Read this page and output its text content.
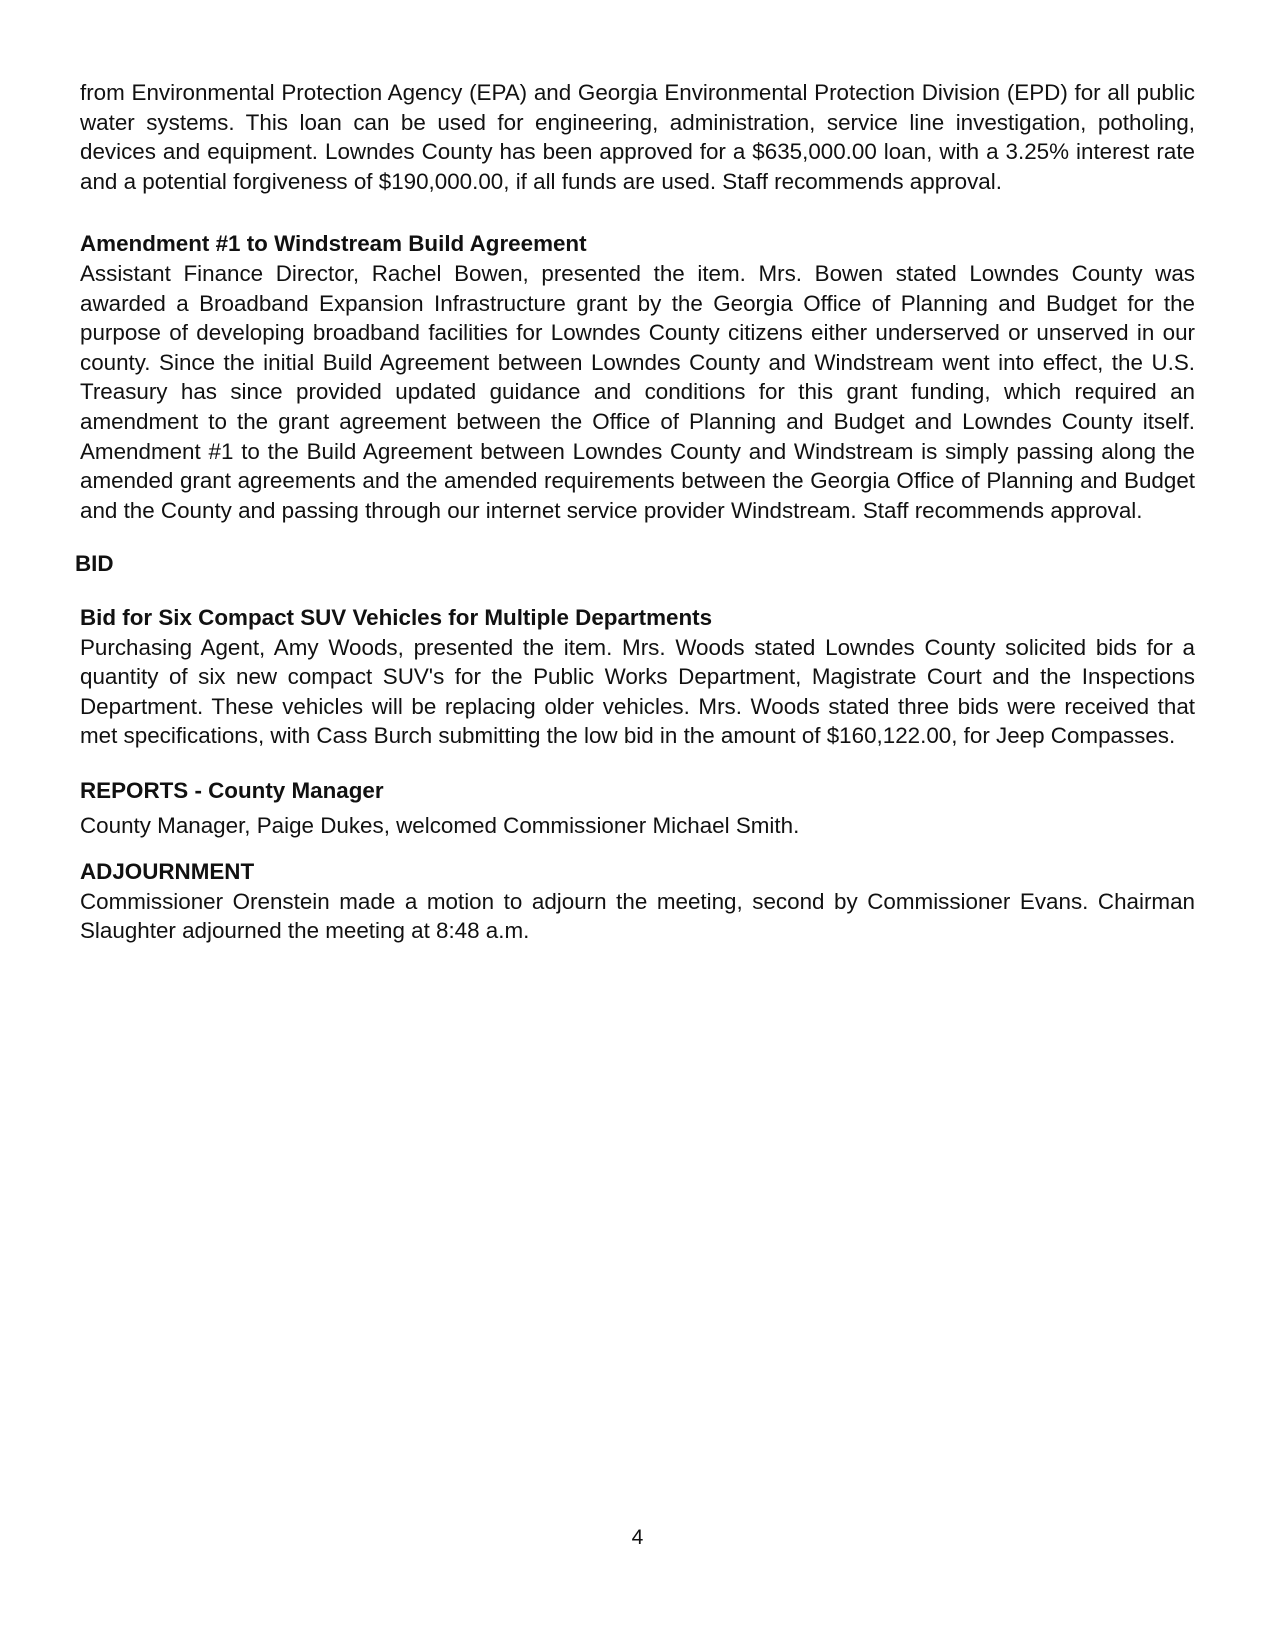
from Environmental Protection Agency (EPA) and Georgia Environmental Protection Division (EPD) for all public water systems. This loan can be used for engineering, administration, service line investigation, potholing, devices and equipment. Lowndes County has been approved for a $635,000.00 loan, with a 3.25% interest rate and a potential forgiveness of $190,000.00, if all funds are used. Staff recommends approval.

Amendment #1 to Windstream Build Agreement

Assistant Finance Director, Rachel Bowen, presented the item. Mrs. Bowen stated Lowndes County was awarded a Broadband Expansion Infrastructure grant by the Georgia Office of Planning and Budget for the purpose of developing broadband facilities for Lowndes County citizens either underserved or unserved in our county. Since the initial Build Agreement between Lowndes County and Windstream went into effect, the U.S. Treasury has since provided updated guidance and conditions for this grant funding, which required an amendment to the grant agreement between the Office of Planning and Budget and Lowndes County itself. Amendment #1 to the Build Agreement between Lowndes County and Windstream is simply passing along the amended grant agreements and the amended requirements between the Georgia Office of Planning and Budget and the County and passing through our internet service provider Windstream. Staff recommends approval.

BID
Bid for Six Compact SUV Vehicles for Multiple Departments

Purchasing Agent, Amy Woods, presented the item. Mrs. Woods stated Lowndes County solicited bids for a quantity of six new compact SUV's for the Public Works Department, Magistrate Court and the Inspections Department. These vehicles will be replacing older vehicles. Mrs. Woods stated three bids were received that met specifications, with Cass Burch submitting the low bid in the amount of $160,122.00, for Jeep Compasses.

REPORTS - County Manager

County Manager, Paige Dukes, welcomed Commissioner Michael Smith.

ADJOURNMENT

Commissioner Orenstein made a motion to adjourn the meeting, second by Commissioner Evans. Chairman Slaughter adjourned the meeting at 8:48 a.m.

4
